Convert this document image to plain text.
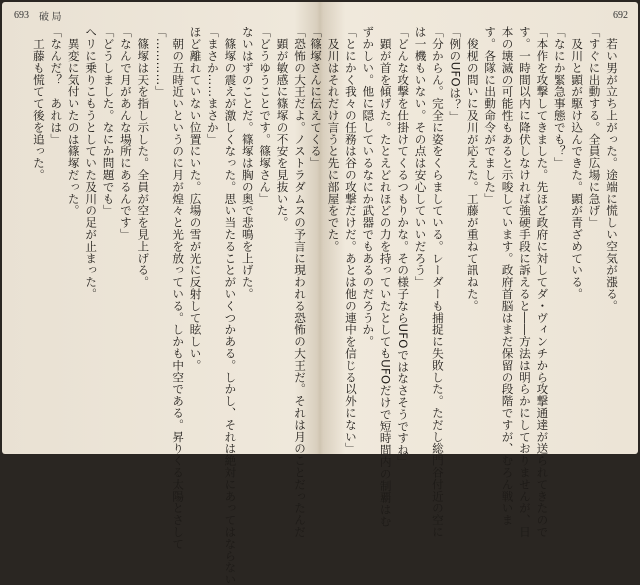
693 破 局
「恐怖の大王だよ。ノストラダムスの予言に現われる恐怖の大王だ。それは月のことだったんだ
　顕が敏感に篠塚の不安を見抜いた。
「どうゆうことです。篠塚さん」
ないはずのことだ。篠塚は胸の奥で悲鳴を上げた。
　篠塚の震えが激しくなった。思い当たることがいくつかある。しかし、それは絶対にあってはならない
「まさか……まさか」
ほど離れていない位置にいた。広場の雪が光に反射して眩しい。
　朝の五時近いというのに月が煌々と光を放っている。しかも中空である。昇りくる太陽とさして
「…………」
　篠塚は天を指し示した。全員が空を見上げる。
「なんで月があんな場所にあるんです」
「どうしました。なにか問題でも」
へリに乗りこもうとしていた及川の足が止まった。
　異変に気付いたのは篠塚だった。
「なんだ？　あれは」
　工藤も慌てて後を追った。
692
　若い男が立ち上がった。途端に慌しい空気が漲る。
「すぐに出動する。全員広場に急げ」
　及川と顕が駆け込んできた。顕が青ざめている。
「なにか緊急事態でも？」
「本作を攻撃してきました。先ほど政府に対してダ・ヴィンチから攻撃通達が送られてきたので
す。一時間以内に降伏しなければ強硬手段に訴えると――方法は明らかにしておりませんが、日
本の壊滅の可能性もあると示唆しています。政府首脳はまだ保留の段階ですが、むろん戦いま
す。各隊に出動命令がでました」
　俊枧の問いに及川が応えた。工藤が重ねて訊ねた。
「例のUFOは？」
「分からん。完全に姿をくらましている。レーダーも捕捉に失敗した。ただし総門谷付近の空に
は一機もいない。その点は安心していいだろう」
「どんな攻撃を仕掛けてくるつもりかな。その様子ならUFOではなさそうですね」
　顕が首を傾げた。たとえどれほどの力を持っていたとしてもUFOだけで短時間内の制覇はむ
ずかしい。他に隠しているなにか武器でもあるのだろうか。
「とにかく我々の任務は谷の攻撃だけだ。あとは他の連中を信じる以外にない」
　及川はそれだけ言うと先に部屋をでた。
「篠塚さんに伝えてくる」
